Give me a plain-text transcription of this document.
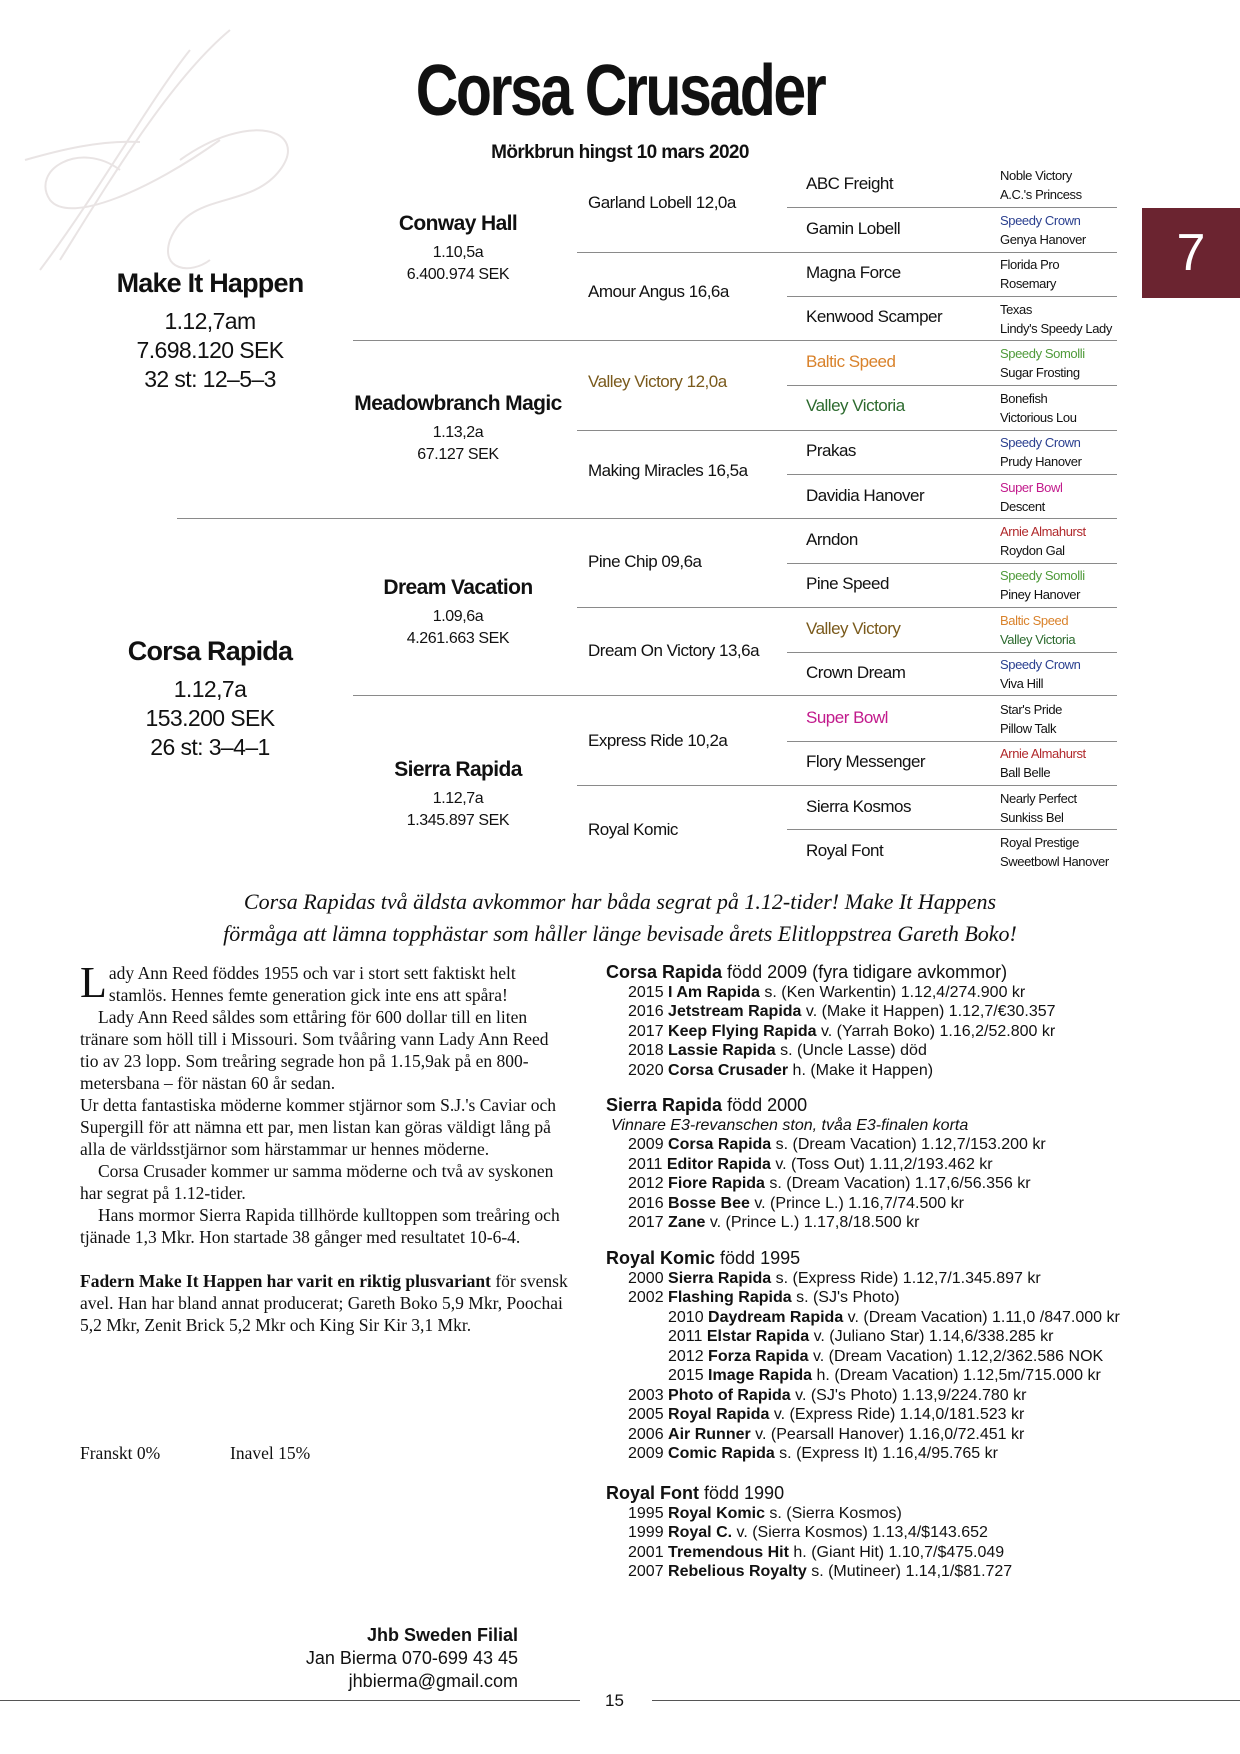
Corsa Crusader
Mörkbrun hingst 10 mars 2020
7
Make It Happen
1.12,7am
7.698.120 SEK
32 st: 12–5–3
Corsa Rapida
1.12,7a
153.200 SEK
26 st: 3–4–1
Conway Hall
1.10,5a
6.400.974 SEK
Meadowbranch Magic
1.13,2a
67.127 SEK
Dream Vacation
1.09,6a
4.261.663 SEK
Sierra Rapida
1.12,7a
1.345.897 SEK
Garland Lobell 12,0a
Amour Angus 16,6a
Valley Victory 12,0a
Making Miracles 16,5a
Pine Chip 09,6a
Dream On Victory 13,6a
Express Ride 10,2a
Royal Komic
ABC Freight
Gamin Lobell
Magna Force
Kenwood Scamper
Baltic Speed
Valley Victoria
Prakas
Davidia Hanover
Arndon
Pine Speed
Valley Victory
Crown Dream
Super Bowl
Flory Messenger
Sierra Kosmos
Royal Font
Noble Victory
A.C.'s Princess
Speedy Crown
Genya Hanover
Florida Pro
Rosemary
Texas
Lindy's Speedy Lady
Speedy Somolli
Sugar Frosting
Bonefish
Victorious Lou
Speedy Crown
Prudy Hanover
Super Bowl
Descent
Arnie Almahurst
Roydon Gal
Speedy Somolli
Piney Hanover
Baltic Speed
Valley Victoria
Speedy Crown
Viva Hill
Star's Pride
Pillow Talk
Arnie Almahurst
Ball Belle
Nearly Perfect
Sunkiss Bel
Royal Prestige
Sweetbowl Hanover
Corsa Rapidas två äldsta avkommor har båda segrat på 1.12-tider! Make It Happens
förmåga att lämna topphästar som håller länge bevisade årets Elitloppstrea Gareth Boko!

Lady Ann Reed föddes 1955 och var i stort sett faktiskt helt stamlös. Hennes femte generation gick inte ens att spåra!

Lady Ann Reed såldes som ettåring för 600 dollar till en liten tränare som höll till i Missouri. Som tvååring vann Lady Ann Reed tio av 23 lopp. Som treåring segrade hon på 1.15,9ak på en 800-metersbana – för nästan 60 år sedan.

Ur detta fantastiska möderne kommer stjärnor som S.J.'s Caviar och Supergill för att nämna ett par, men listan kan göras väldigt lång på alla de världsstjärnor som härstammar ur hennes möderne.

Corsa Crusader kommer ur samma möderne och två av syskonen har segrat på 1.12-tider.

Hans mormor Sierra Rapida tillhörde kulltoppen som treåring och tjänade 1,3 Mkr. Hon startade 38 gånger med resultatet 10-6-4.

Fadern Make It Happen har varit en riktig plusvariant för svensk avel. Han har bland annat producerat; Gareth Boko 5,9 Mkr, Poochai 5,2 Mkr, Zenit Brick 5,2 Mkr och King Sir Kir 3,1 Mkr.

Franskt 0%	Inavel 15%
Corsa Rapida född 2009 (fyra tidigare avkommor)
2015 I Am Rapida s. (Ken Warkentin) 1.12,4/274.900 kr
2016 Jetstream Rapida v. (Make it Happen) 1.12,7/€30.357
2017 Keep Flying Rapida v. (Yarrah Boko) 1.16,2/52.800 kr
2018 Lassie Rapida s. (Uncle Lasse) död
2020 Corsa Crusader h. (Make it Happen)
Sierra Rapida född 2000
Vinnare E3-revanschen ston, tvåa E3-finalen korta
2009 Corsa Rapida s. (Dream Vacation) 1.12,7/153.200 kr
2011 Editor Rapida v. (Toss Out) 1.11,2/193.462 kr
2012 Fiore Rapida s. (Dream Vacation) 1.17,6/56.356 kr
2016 Bosse Bee v. (Prince L.) 1.16,7/74.500 kr
2017 Zane v. (Prince L.) 1.17,8/18.500 kr
Royal Komic född 1995
2000 Sierra Rapida s. (Express Ride) 1.12,7/1.345.897 kr
2002 Flashing Rapida s. (SJ's Photo)
2010 Daydream Rapida v. (Dream Vacation) 1.11,0 /847.000 kr
2011 Elstar Rapida v. (Juliano Star) 1.14,6/338.285 kr
2012 Forza Rapida v. (Dream Vacation) 1.12,2/362.586 NOK
2015 Image Rapida h. (Dream Vacation) 1.12,5m/715.000 kr
2003 Photo of Rapida v. (SJ's Photo) 1.13,9/224.780 kr
2005 Royal Rapida v. (Express Ride) 1.14,0/181.523 kr
2006 Air Runner v. (Pearsall Hanover) 1.16,0/72.451 kr
2009 Comic Rapida s. (Express It) 1.16,4/95.765 kr
Royal Font född 1990
1995 Royal Komic s. (Sierra Kosmos)
1999 Royal C. v. (Sierra Kosmos) 1.13,4/$143.652
2001 Tremendous Hit h. (Giant Hit) 1.10,7/$475.049
2007 Rebelious Royalty s. (Mutineer) 1.14,1/$81.727
Jhb Sweden Filial
Jan Bierma 070-699 43 45
jhbierma@gmail.com
15
